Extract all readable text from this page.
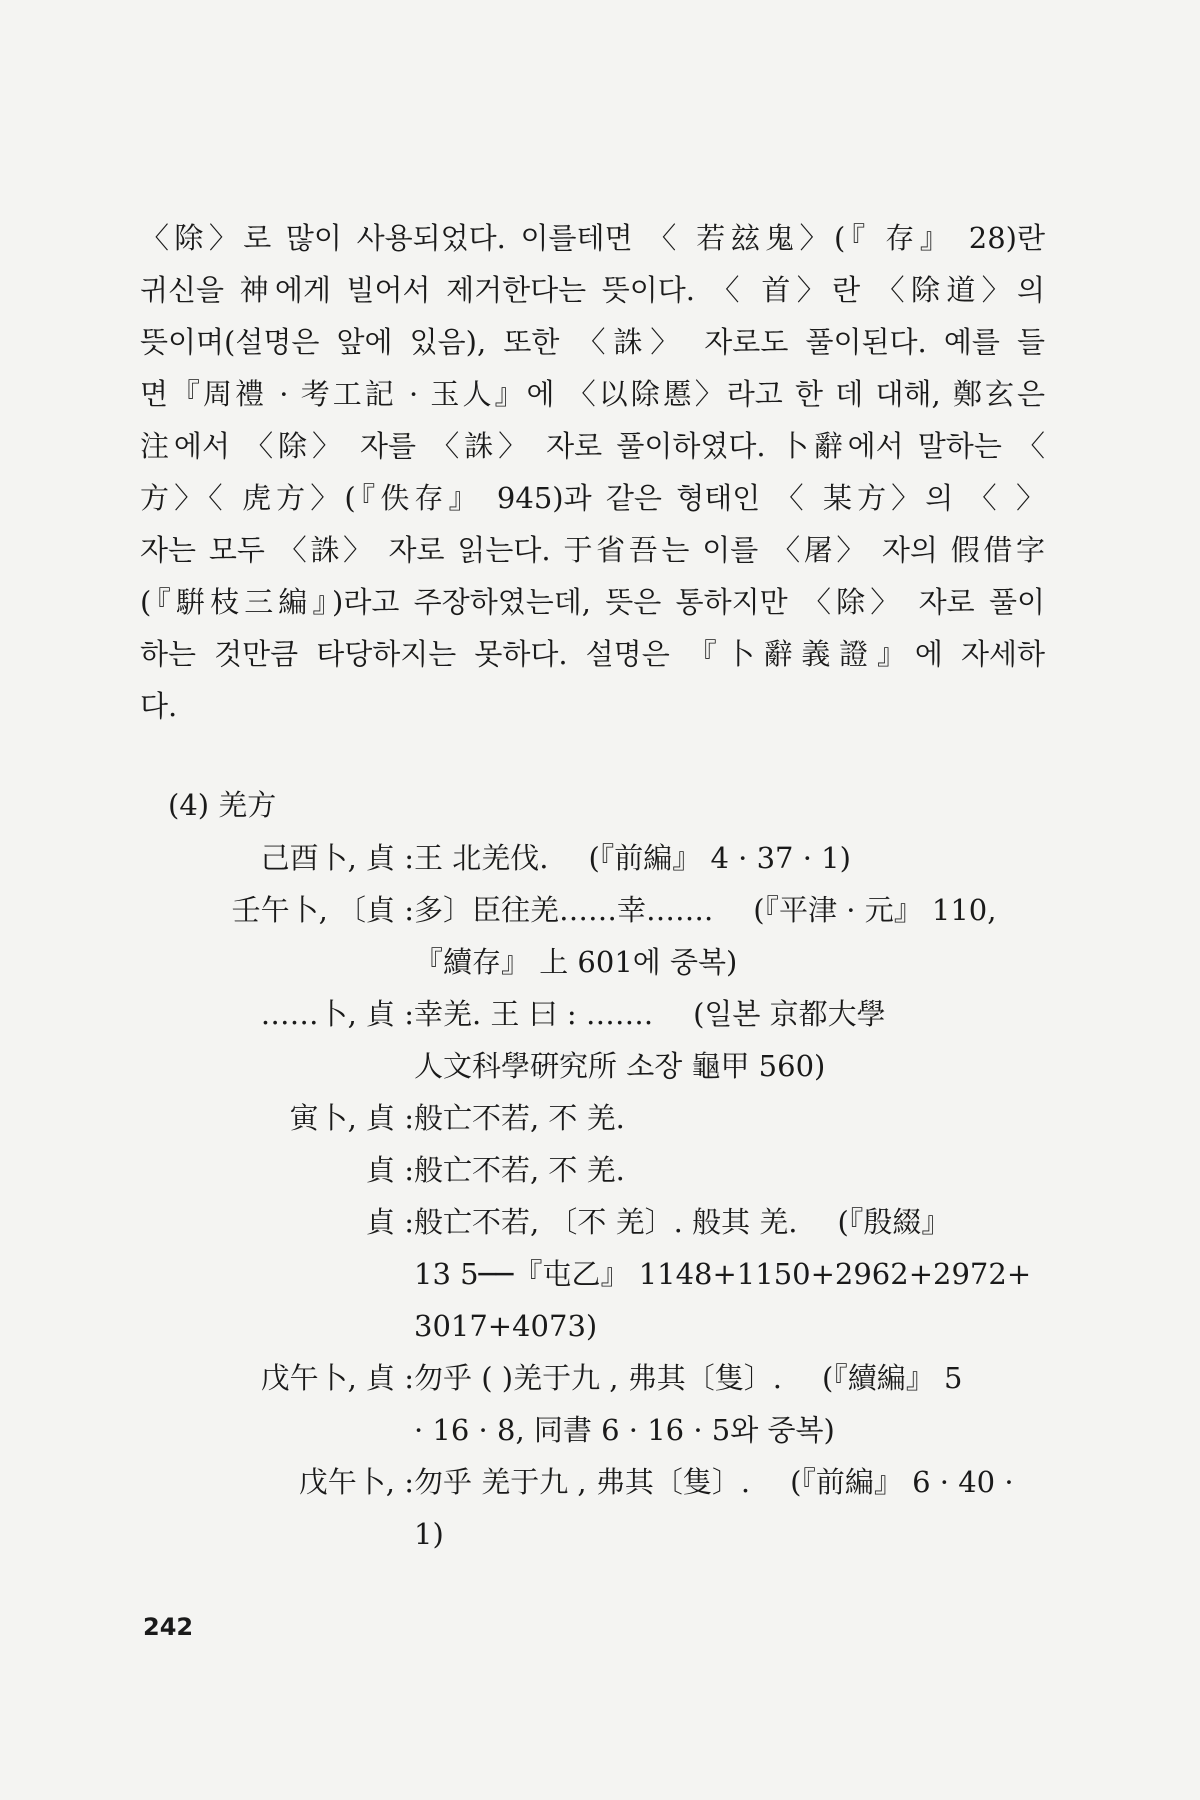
〈除〉로 많이 사용되었다. 이를테면 〈 若玆鬼〉(『 存』 28)란
귀신을 神에게 빌어서 제거한다는 뜻이다. 〈 首〉란 〈除道〉의
뜻이며(설명은 앞에 있음), 또한 〈誅〉 자로도 풀이된다. 예를 들
면『周禮 · 考工記 · 玉人』에 〈以除慝〉라고 한 데 대해, 鄭玄은
注에서 〈除〉 자를 〈誅〉 자로 풀이하였다. 卜辭에서 말하는 〈
方〉〈 虎方〉(『佚存』 945)과 같은 형태인 〈 某方〉의 〈 〉
자는 모두 〈誅〉 자로 읽는다. 于省吾는 이를 〈屠〉 자의 假借字
(『騈枝三編』)라고 주장하였는데, 뜻은 통하지만 〈除〉 자로 풀이
하는 것만큼 타당하지는 못하다. 설명은 『卜辭義證』에 자세하
다.
(4) 羌方
己酉卜, 貞 : 王 北羌伐. (『前編』 4 · 37 · 1)
壬午卜, 〔貞 : 多〕臣往羌……幸……. (『平津 · 元』 110,
『續存』 上 601에 중복)
……卜, 貞 : 幸羌. 王 曰 : ……. (일본 京都大學
人文科學硏究所 소장 龜甲 560)
寅卜, 貞 : 般亡不若, 不 羌.
貞 : 般亡不若, 不 羌.
貞 : 般亡不若, 〔不 羌〕. 般其 羌. (『殷綴』
13 5──『屯乙』 1148+1150+2962+2972+
3017+4073)
戊午卜, 貞 : 勿乎 ( )羌于九 , 弗其〔隻〕. (『續編』 5
· 16 · 8, 同書 6 · 16 · 5와 중복)
戊午卜, : 勿乎 羌于九 , 弗其〔隻〕. (『前編』 6 · 40 ·
1)
242
